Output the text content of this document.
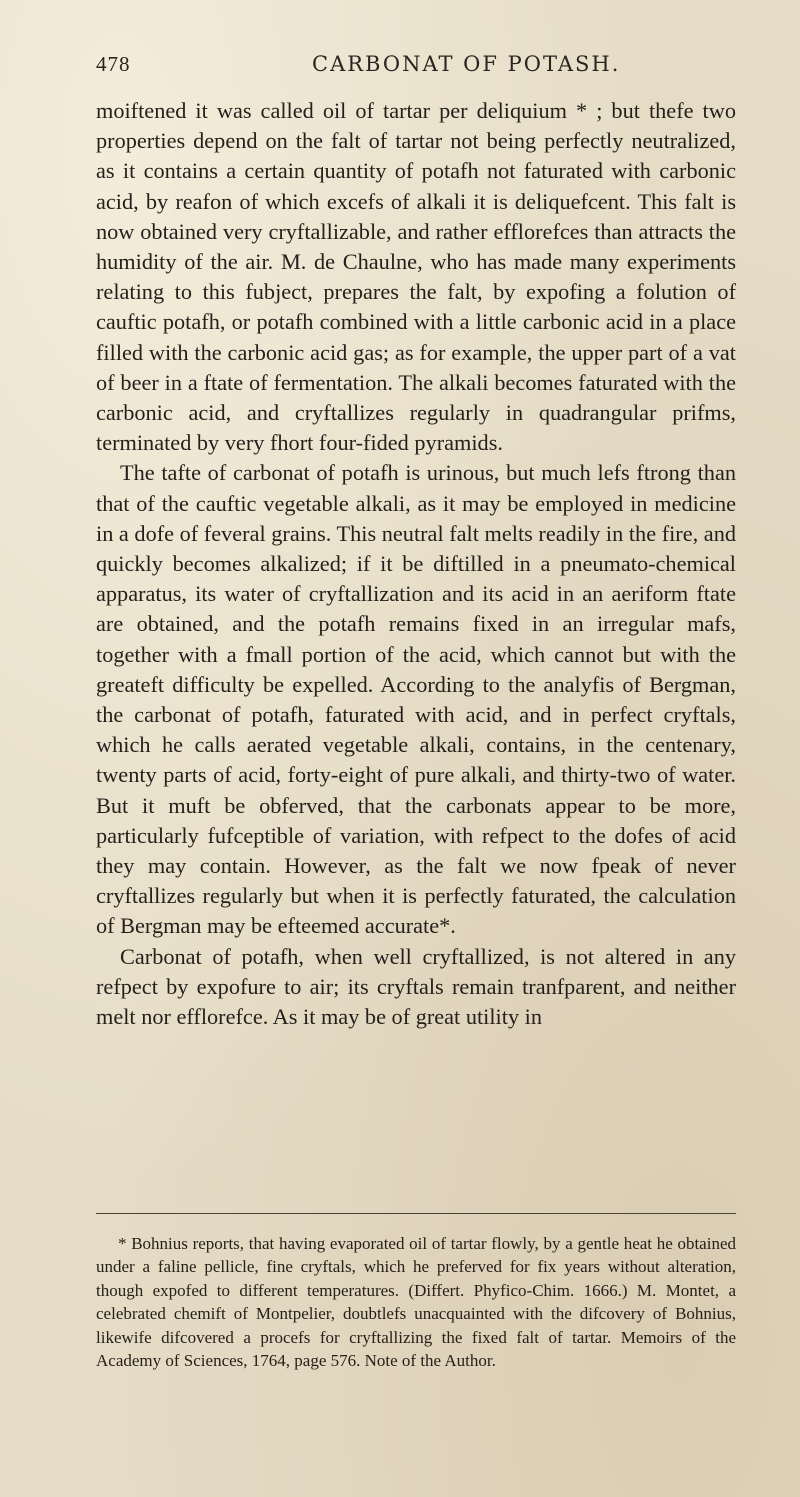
478	CARBONAT OF POTASH.

moiftened it was called oil of tartar per deliquium * ; but thefe two properties depend on the falt of tartar not being perfectly neutralized, as it contains a certain quantity of potafh not faturated with carbonic acid, by reafon of which excefs of alkali it is deliquefcent. This falt is now obtained very cryftallizable, and rather efflorefces than attracts the humidity of the air. M. de Chaulne, who has made many experiments relating to this fubject, prepares the falt, by expofing a folution of cauftic potafh, or potafh combined with a little carbonic acid in a place filled with the carbonic acid gas; as for example, the upper part of a vat of beer in a ftate of fermentation. The alkali becomes faturated with the carbonic acid, and cryftallizes regularly in quadrangular prifms, terminated by very fhort four-fided pyramids.

The tafte of carbonat of potafh is urinous, but much lefs ftrong than that of the cauftic vegetable alkali, as it may be employed in medicine in a dofe of feveral grains. This neutral falt melts readily in the fire, and quickly becomes alkalized; if it be diftilled in a pneumato-chemical apparatus, its water of cryftallization and its acid in an aeriform ftate are obtained, and the potafh remains fixed in an irregular mafs, together with a fmall portion of the acid, which cannot but with the greateft difficulty be expelled. According to the analyfis of Bergman, the carbonat of potafh, faturated with acid, and in perfect cryftals, which he calls aerated vegetable alkali, contains, in the centenary, twenty parts of acid, forty-eight of pure alkali, and thirty-two of water. But it muft be obferved, that the carbonats appear to be more, particularly fufceptible of variation, with refpect to the dofes of acid they may contain. However, as the falt we now fpeak of never cryftallizes regularly but when it is perfectly faturated, the calculation of Bergman may be efteemed accurate*.

Carbonat of potafh, when well cryftallized, is not altered in any refpect by expofure to air; its cryftals remain tranfparent, and neither melt nor efflorefce. As it may be of great utility in

* Bohnius reports, that having evaporated oil of tartar flowly, by a gentle heat he obtained under a faline pellicle, fine cryftals, which he preferved for fix years without alteration, though expofed to different temperatures. (Differt. Phyfico-Chim. 1666.) M. Montet, a celebrated chemift of Montpelier, doubtlefs unacquainted with the difcovery of Bohnius, likewife difcovered a procefs for cryftallizing the fixed falt of tartar. Memoirs of the Academy of Sciences, 1764, page 576. Note of the Author.
